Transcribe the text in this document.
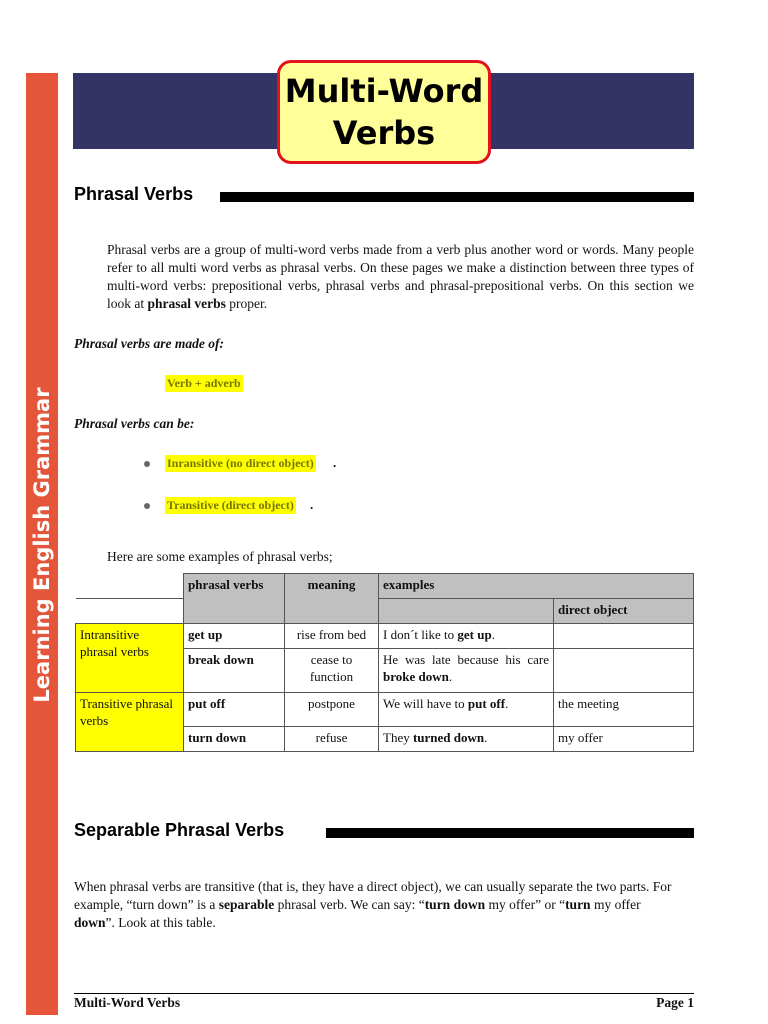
Learning English Grammar
Multi-Word
Verbs
Phrasal Verbs
Phrasal verbs are a group of multi-word verbs made from a verb plus another word or words. Many people refer to all multi word verbs as phrasal verbs. On these pages we make a distinction between three types of multi-word verbs: prepositional verbs, phrasal verbs and phrasal-prepositional verbs. On this section we look at phrasal verbs proper.
Phrasal verbs are made of:
Verb + adverb
Phrasal verbs can be:
Inransitive (no direct object) .
Transitive (direct object) .
Here are some examples of phrasal verbs;
	phrasal verbs	meaning	examples	
				direct object
Intransitive phrasal verbs	get up	rise from bed	I don´t like to get up.	
	break down	cease to function	He was late because his care broke down.	
Transitive phrasal verbs	put off	postpone	We will have to put off.	the meeting
	turn down	refuse	They turned down.	my offer
Separable Phrasal Verbs
When phrasal verbs are transitive (that is, they have a direct object), we can usually separate the two parts. For example, “turn down” is a separable phrasal verb. We can say: “turn down my offer” or “turn my offer down”. Look at this table.
Multi-Word Verbs	Page 1
